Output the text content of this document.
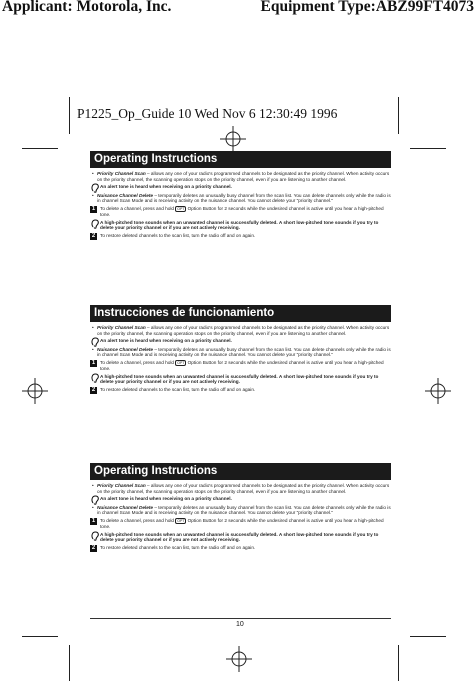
Applicant: Motorola, Inc.	Equipment Type:ABZ99FT4073
P1225_Op_Guide 10 Wed Nov 6 12:30:49 1996
Operating Instructions
• Priority Channel Scan – allows any one of your radio's programmed channels to be designated as the priority channel. When activity occurs on the priority channel, the scanning operation stops on the priority channel, even if you are listening to another channel.
An alert tone is heard when receiving on a priority channel.
• Nuisance Channel Delete – temporarily deletes an unusually busy channel from the scan list. You can delete channels only while the radio is in channel Scan Mode and is receiving activity on the nuisance channel. You cannot delete your "priority channel."
1	To delete a channel, press and hold OPT Option Button for 2 seconds while the undesired channel is active until you hear a high-pitched tone.
A high-pitched tone sounds when an unwanted channel is successfully deleted. A short low-pitched tone sounds if you try to delete your priority channel or if you are not actively receiving.
2	To restore deleted channels to the scan list, turn the radio off and on again.
Instrucciones de funcionamiento
• Priority Channel Scan – allows any one of your radio's programmed channels to be designated as the priority channel. When activity occurs on the priority channel, the scanning operation stops on the priority channel, even if you are listening to another channel.
An alert tone is heard when receiving on a priority channel.
• Nuisance Channel Delete – temporarily deletes an unusually busy channel from the scan list. You can delete channels only while the radio is in channel Scan Mode and is receiving activity on the nuisance channel. You cannot delete your "priority channel."
1	To delete a channel, press and hold OPT Option Button for 2 seconds while the undesired channel is active until you hear a high-pitched tone.
A high-pitched tone sounds when an unwanted channel is successfully deleted. A short low-pitched tone sounds if you try to delete your priority channel or if you are not actively receiving.
2	To restore deleted channels to the scan list, turn the radio off and on again.
Operating Instructions
• Priority Channel Scan – allows any one of your radio's programmed channels to be designated as the priority channel. When activity occurs on the priority channel, the scanning operation stops on the priority channel, even if you are listening to another channel.
An alert tone is heard when receiving on a priority channel.
• Nuisance Channel Delete – temporarily deletes an unusually busy channel from the scan list. You can delete channels only while the radio is in channel Scan Mode and is receiving activity on the nuisance channel. You cannot delete your "priority channel."
1	To delete a channel, press and hold OPT Option Button for 2 seconds while the undesired channel is active until you hear a high-pitched tone.
A high-pitched tone sounds when an unwanted channel is successfully deleted. A short low-pitched tone sounds if you try to delete your priority channel or if you are not actively receiving.
2	To restore deleted channels to the scan list, turn the radio off and on again.
10
